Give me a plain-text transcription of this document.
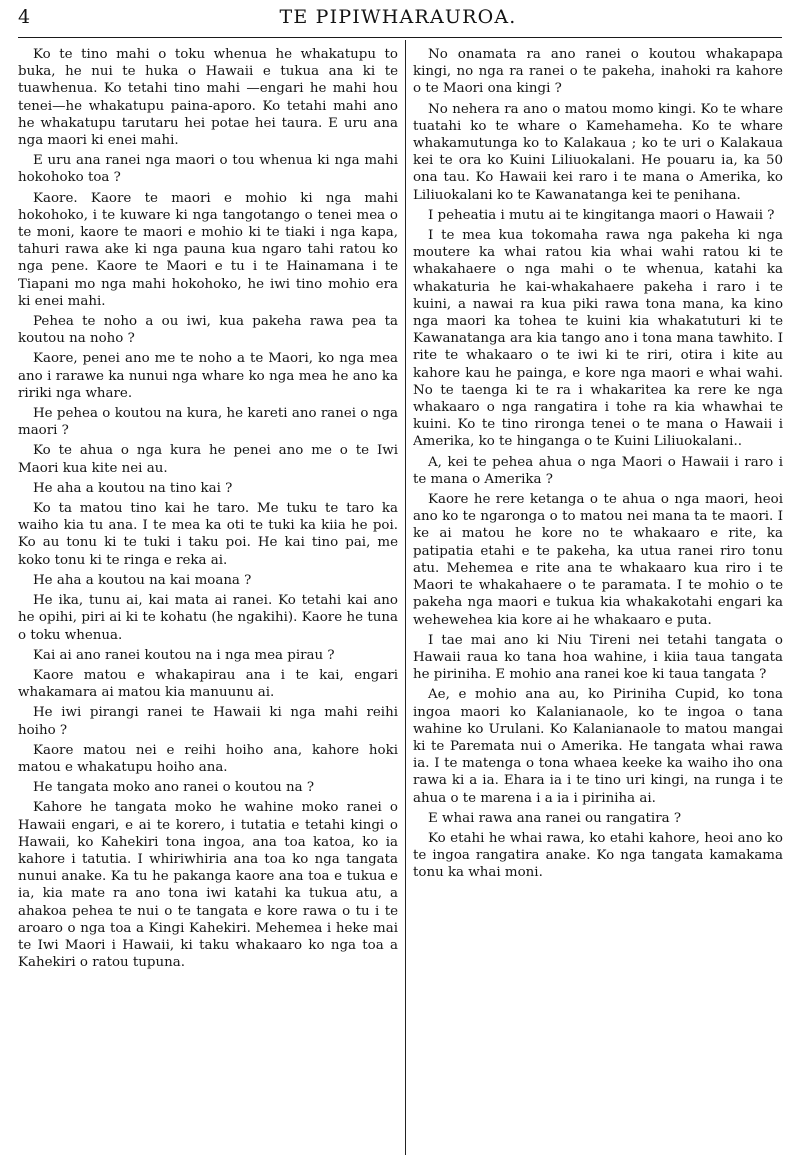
4	TE PIPIWHARAUROA.

Ko te tino mahi o toku whenua he whakatupu to buka, he nui te huka o Hawaii e tukua ana ki te tuawhenua. Ko tetahi tino mahi —engari he mahi hou tenei—he whakatupu paina-aporo. Ko tetahi mahi ano he whakatupu tarutaru hei potae hei taura. E uru ana nga maori ki enei mahi.

E uru ana ranei nga maori o tou whenua ki nga mahi hokohoko toa ?

Kaore. Kaore te maori e mohio ki nga mahi hokohoko, i te kuware ki nga tangotango o tenei mea o te moni, kaore te maori e mohio ki te tiaki i nga kapa, tahuri rawa ake ki nga pauna kua ngaro tahi ratou ko nga pene. Kaore te Maori e tu i te Hainamana i te Tiapani mo nga mahi hokohoko, he iwi tino mohio era ki enei mahi.

Pehea te noho a ou iwi, kua pakeha rawa pea ta koutou na noho ?

Kaore, penei ano me te noho a te Maori, ko nga mea ano i rarawe ka nunui nga whare ko nga mea he ano ka ririki nga whare.

He pehea o koutou na kura, he kareti ano ranei o nga maori ?

Ko te ahua o nga kura he penei ano me o te Iwi Maori kua kite nei au.

He aha a koutou na tino kai ?

Ko ta matou tino kai he taro. Me tuku te taro ka waiho kia tu ana. I te mea ka oti te tuki ka kiia he poi. Ko au tonu ki te tuki i taku poi. He kai tino pai, me koko tonu ki te ringa e reka ai.

He aha a koutou na kai moana ?

He ika, tunu ai, kai mata ai ranei. Ko tetahi kai ano he opihi, piri ai ki te kohatu (he ngakihi). Kaore he tuna o toku whenua.

Kai ai ano ranei koutou na i nga mea pirau ?

Kaore matou e whakapirau ana i te kai, engari whakamara ai matou kia manuunu ai.

He iwi pirangi ranei te Hawaii ki nga mahi reihi hoiho ?

Kaore matou nei e reihi hoiho ana, kahore hoki matou e whakatupu hoiho ana.

He tangata moko ano ranei o koutou na ?

Kahore he tangata moko he wahine moko ranei o Hawaii engari, e ai te korero, i tutatia e tetahi kingi o Hawaii, ko Kahekiri tona ingoa, ana toa katoa, ko ia kahore i tatutia. I whiriwhiria ana toa ko nga tangata nunui anake. Ka tu he pakanga kaore ana toa e tukua e ia, kia mate ra ano tona iwi katahi ka tukua atu, a ahakoa pehea te nui o te tangata e kore rawa o tu i te aroaro o nga toa a Kingi Kahekiri. Mehemea i heke mai te Iwi Maori i Hawaii, ki taku whakaaro ko nga toa a Kahekiri o ratou tupuna.

No onamata ra ano ranei o koutou whakapapa kingi, no nga ra ranei o te pakeha, inahoki ra kahore o te Maori ona kingi ?

No nehera ra ano o matou momo kingi. Ko te whare tuatahi ko te whare o Kamehameha. Ko te whare whakamutunga ko to Kalakaua ; ko te uri o Kalakaua kei te ora ko Kuini Liliuokalani. He pouaru ia, ka 50 ona tau. Ko Hawaii kei raro i te mana o Amerika, ko Liliuokalani ko te Kawanatanga kei te penihana.

I peheatia i mutu ai te kingitanga maori o Hawaii ?

I te mea kua tokomaha rawa nga pakeha ki nga moutere ka whai ratou kia whai wahi ratou ki te whakahaere o nga mahi o te whenua, katahi ka whakaturia he kai-whakahaere pakeha i raro i te kuini, a nawai ra kua piki rawa tona mana, ka kino nga maori ka tohea te kuini kia whakatuturi ki te Kawanatanga ara kia tango ano i tona mana tawhito. I rite te whakaaro o te iwi ki te riri, otira i kite au kahore kau he painga, e kore nga maori e whai wahi. No te taenga ki te ra i whakaritea ka rere ke nga whakaaro o nga rangatira i tohe ra kia whawhai te kuini. Ko te tino rironga tenei o te mana o Hawaii i Amerika, ko te hinganga o te Kuini Liliuokalani..

A, kei te pehea ahua o nga Maori o Hawaii i raro i te mana o Amerika ?

Kaore he rere ketanga o te ahua o nga maori, heoi ano ko te ngaronga o to matou nei mana ta te maori. I ke ai matou he kore no te whakaaro e rite, ka patipatia etahi e te pakeha, ka utua ranei riro tonu atu. Mehemea e rite ana te whakaaro kua riro i te Maori te whakahaere o te paramata. I te mohio o te pakeha nga maori e tukua kia whakakotahi engari ka wehewehea kia kore ai he whakaaro e puta.

I tae mai ano ki Niu Tireni nei tetahi tangata o Hawaii raua ko tana hoa wahine, i kiia taua tangata he piriniha. E mohio ana ranei koe ki taua tangata ?

Ae, e mohio ana au, ko Piriniha Cupid, ko tona ingoa maori ko Kalanianaole, ko te ingoa o tana wahine ko Urulani. Ko Kalanianaole to matou mangai ki te Paremata nui o Amerika. He tangata whai rawa ia. I te matenga o tona whaea keeke ka waiho iho ona rawa ki a ia. Ehara ia i te tino uri kingi, na runga i te ahua o te marena i a ia i piriniha ai.

E whai rawa ana ranei ou rangatira ?

Ko etahi he whai rawa, ko etahi kahore, heoi ano ko te ingoa rangatira anake. Ko nga tangata kamakama tonu ka whai moni.
